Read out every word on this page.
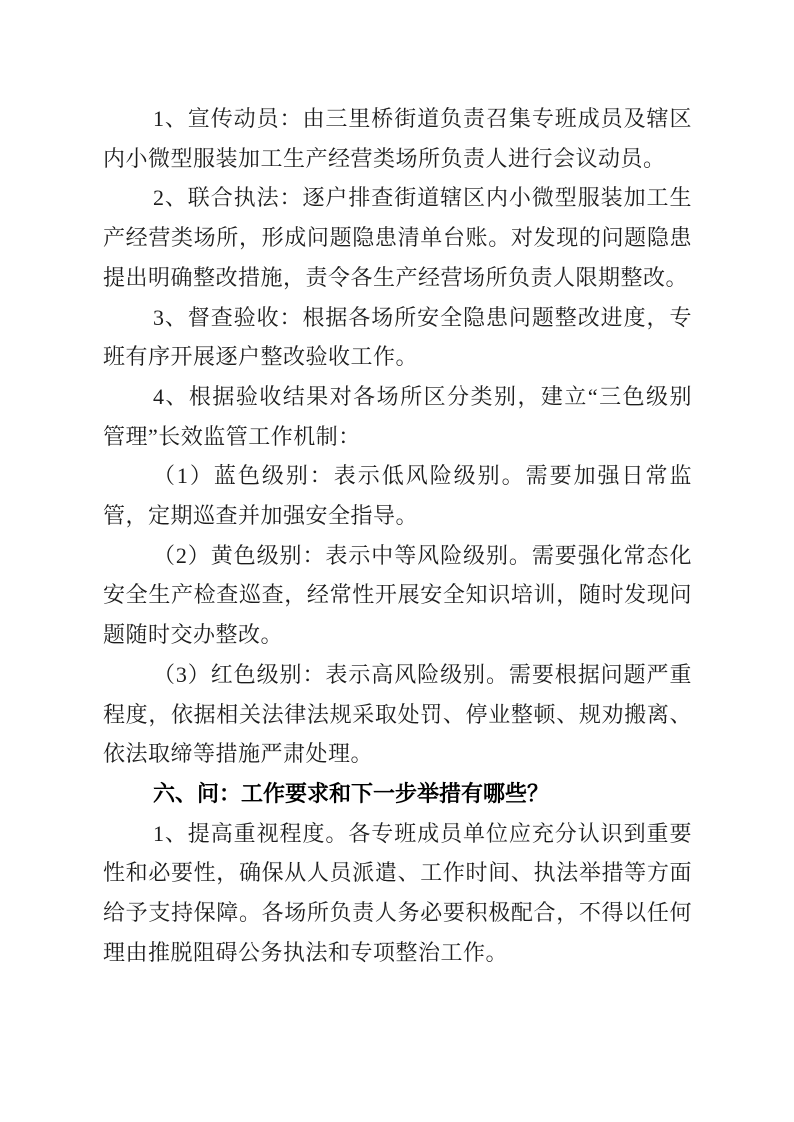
1、宣传动员：由三里桥街道负责召集专班成员及辖区内小微型服装加工生产经营类场所负责人进行会议动员。

2、联合执法：逐户排查街道辖区内小微型服装加工生产经营类场所，形成问题隐患清单台账。对发现的问题隐患提出明确整改措施，责令各生产经营场所负责人限期整改。

3、督查验收：根据各场所安全隐患问题整改进度，专班有序开展逐户整改验收工作。

4、根据验收结果对各场所区分类别，建立“三色级别管理”长效监管工作机制：

（1）蓝色级别：表示低风险级别。需要加强日常监管，定期巡查并加强安全指导。

（2）黄色级别：表示中等风险级别。需要强化常态化安全生产检查巡查，经常性开展安全知识培训，随时发现问题随时交办整改。

（3）红色级别：表示高风险级别。需要根据问题严重程度，依据相关法律法规采取处罚、停业整顿、规劝搬离、依法取缔等措施严肃处理。

六、问：工作要求和下一步举措有哪些？

1、提高重视程度。各专班成员单位应充分认识到重要性和必要性，确保从人员派遣、工作时间、执法举措等方面给予支持保障。各场所负责人务必要积极配合，不得以任何理由推脱阻碍公务执法和专项整治工作。
